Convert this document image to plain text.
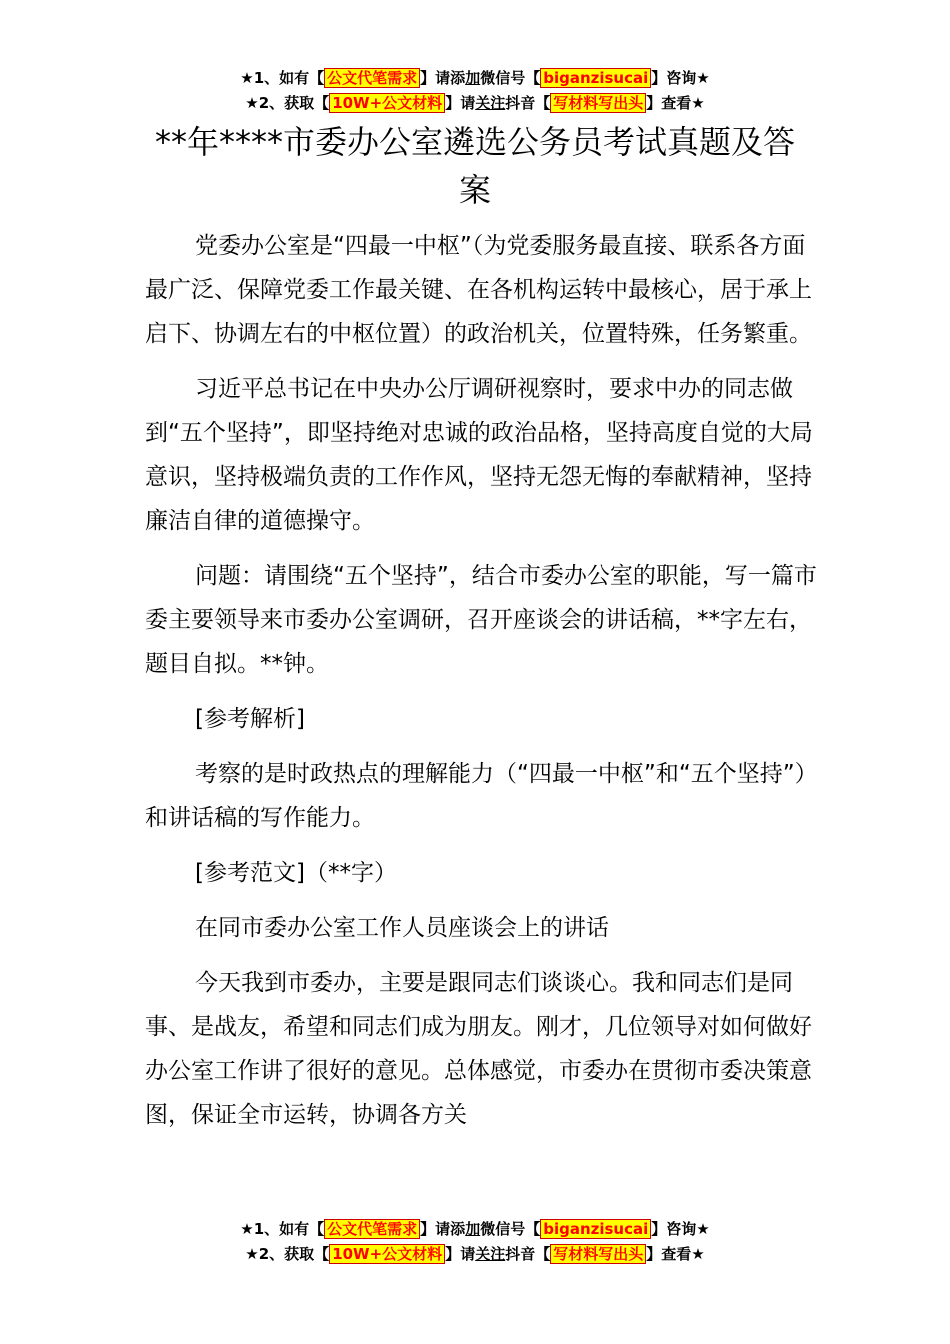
★1、如有【 公文代笔需求 】请添加微信号【 biganzisucai 】咨询★
★2、获取【 10W+公文材料 】请关注抖音【 写材料写出头 】查看★
**年****市委办公室遴选公务员考试真题及答案

党委办公室是“四最一中枢”（为党委服务最直接、联系各方面最广泛、保障党委工作最关键、在各机构运转中最核心，居于承上启下、协调左右的中枢位置）的政治机关，位置特殊，任务繁重。

习近平总书记在中央办公厅调研视察时，要求中办的同志做到“五个坚持”，即坚持绝对忠诚的政治品格，坚持高度自觉的大局意识，坚持极端负责的工作作风，坚持无怨无悔的奉献精神，坚持廉洁自律的道德操守。

问题：请围绕“五个坚持”，结合市委办公室的职能，写一篇市委主要领导来市委办公室调研，召开座谈会的讲话稿，**字左右，题目自拟。**钟。

[参考解析]

考察的是时政热点的理解能力（“四最一中枢”和“五个坚持”）和讲话稿的写作能力。

[参考范文]（**字）

在同市委办公室工作人员座谈会上的讲话

今天我到市委办，主要是跟同志们谈谈心。我和同志们是同事、是战友，希望和同志们成为朋友。刚才，几位领导对如何做好办公室工作讲了很好的意见。总体感觉，市委办在贯彻市委决策意图，保证全市运转，协调各方关

★1、如有【 公文代笔需求 】请添加微信号【 biganzisucai 】咨询★
★2、获取【 10W+公文材料 】请关注抖音【 写材料写出头 】查看★
